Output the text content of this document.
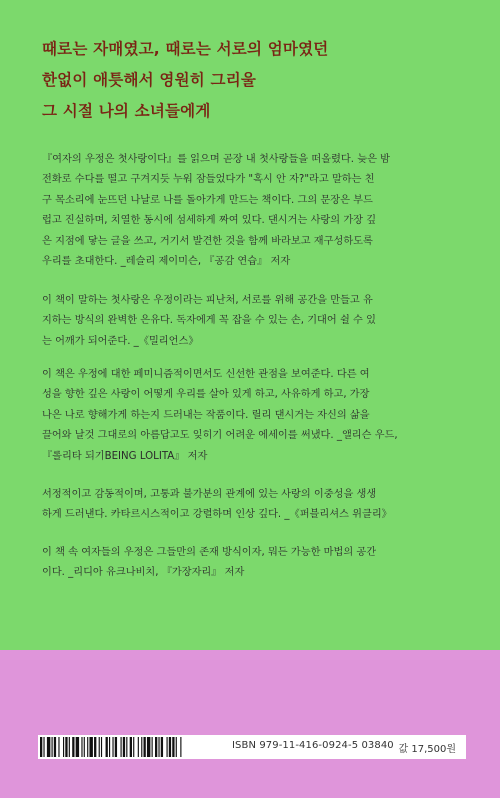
때로는 자매였고, 때로는 서로의 엄마였던
한없이 애틋해서 영원히 그리울
그 시절 나의 소녀들에게
『여자의 우정은 첫사랑이다』를 읽으며 곧장 내 첫사랑들을 떠올렸다. 늦은 밤
전화로 수다를 떨고 구겨지듯 누워 잠들었다가 "혹시 안 자?"라고 말하는 친
구 목소리에 눈뜨던 나날로 나를 돌아가게 만드는 책이다. 그의 문장은 부드
럽고 진실하며, 치열한 동시에 섬세하게 짜여 있다. 댄시거는 사랑의 가장 깊
은 지점에 닿는 글을 쓰고, 거기서 발견한 것을 함께 바라보고 재구성하도록
우리를 초대한다. _레슬리 제이미슨, 『공감 연습』 저자
이 책이 말하는 첫사랑은 우정이라는 피난처, 서로를 위해 공간을 만들고 유
지하는 방식의 완벽한 은유다. 독자에게 꼭 잡을 수 있는 손, 기대어 쉴 수 있
는 어깨가 되어준다. _《밀리언스》
이 책은 우정에 대한 페미니즘적이면서도 신선한 관점을 보여준다. 다른 여
성을 향한 깊은 사랑이 어떻게 우리를 살아 있게 하고, 사유하게 하고, 가장
나은 나로 향해가게 하는지 드러내는 작품이다. 릴리 댄시거는 자신의 삶을
끌어와 날것 그대로의 아름답고도 잊히기 어려운 에세이를 써냈다. _앨리슨 우드,
『롤리타 되기BEING LOLITA』 저자
서정적이고 감동적이며, 고통과 불가분의 관계에 있는 사랑의 이중성을 생생
하게 드러낸다. 카타르시스적이고 강렬하며 인상 깊다. _《퍼블리셔스 위클리》
이 책 속 여자들의 우정은 그들만의 존재 방식이자, 뭐든 가능한 마법의 공간
이다. _리디아 유크나비치, 『가장자리』 저자
ISBN 979-11-416-0924-5 03840 값 17,500원
